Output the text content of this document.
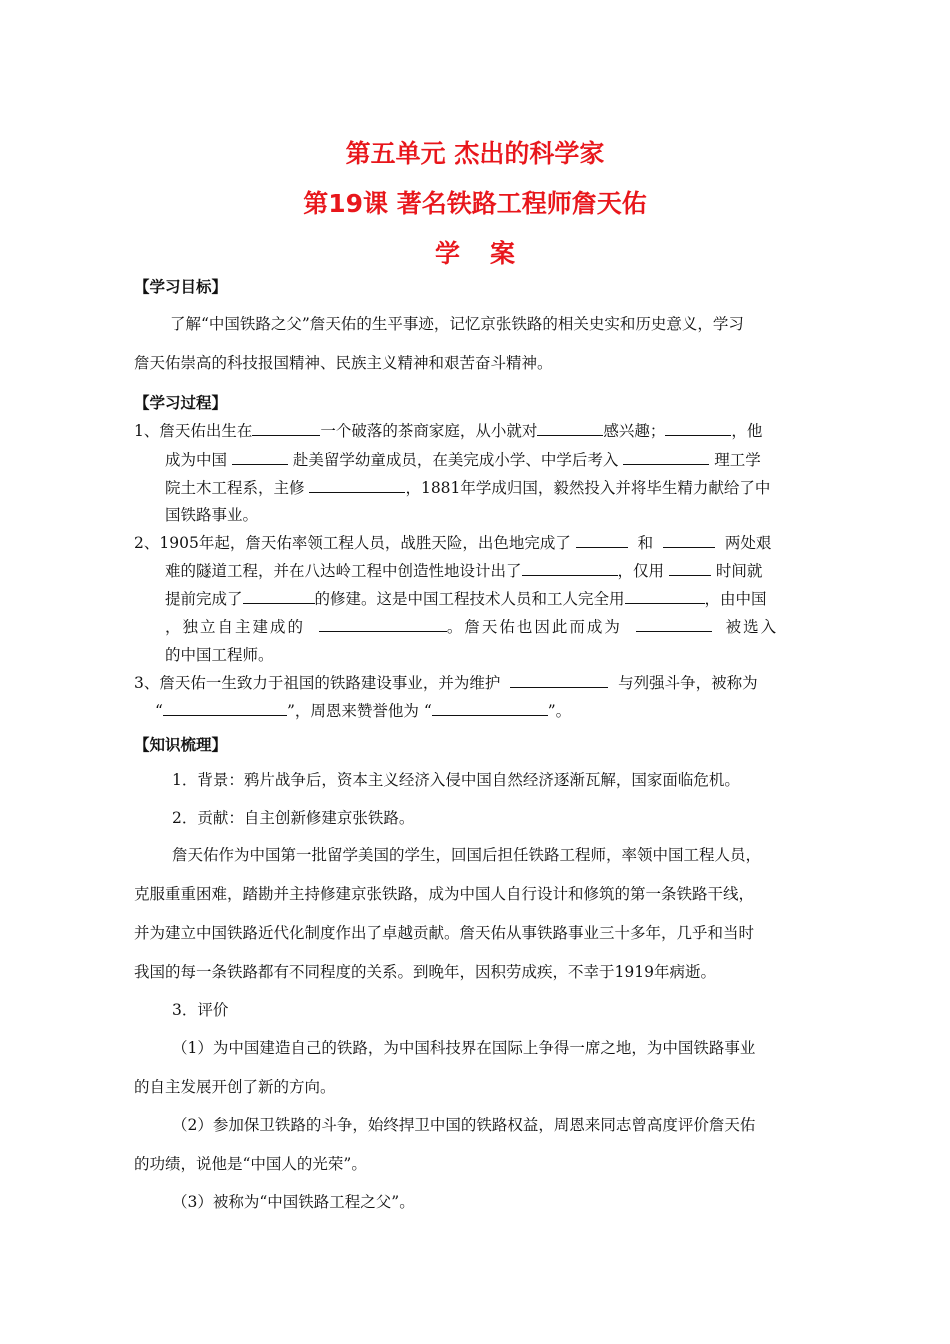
第五单元 杰出的科学家
第19课 著名铁路工程师詹天佑
学案
【学习目标】
了解“中国铁路之父”詹天佑的生平事迹，记忆京张铁路的相关史实和历史意义，学习
詹天佑崇高的科技报国精神、民族主义精神和艰苦奋斗精神。
【学习过程】
1、詹天佑出生在	一个破落的茶商家庭，从小就对	感兴趣；	，他
成为中国	赴美留学幼童成员，在美完成小学、中学后考入	理工学
院土木工程系，主修	，1881年学成归国，毅然投入并将毕生精力献给了中
国铁路事业。
2、1905年起，詹天佑率领工程人员，战胜天险，出色地完成了	和	两处艰
难的隧道工程，并在八达岭工程中创造性地设计出了	，仅用	时间就
提前完成了	的修建。这是中国工程技术人员和工人完全用	，由中国
，独立自主建成的	。詹天佑也因此而成为	被选入
的中国工程师。
3、詹天佑一生致力于祖国的铁路建设事业，并为维护	与列强斗争，被称为
“	”，周恩来赞誉他为 “	”。
【知识梳理】
1．背景：鸦片战争后，资本主义经济入侵中国自然经济逐渐瓦解，国家面临危机。
2．贡献：自主创新修建京张铁路。
詹天佑作为中国第一批留学美国的学生，回国后担任铁路工程师，率领中国工程人员，
克服重重困难，踏勘并主持修建京张铁路，成为中国人自行设计和修筑的第一条铁路干线，
并为建立中国铁路近代化制度作出了卓越贡献。詹天佑从事铁路事业三十多年，几乎和当时
我国的每一条铁路都有不同程度的关系。到晚年，因积劳成疾，不幸于1919年病逝。
3．评价
（1）为中国建造自己的铁路，为中国科技界在国际上争得一席之地，为中国铁路事业
的自主发展开创了新的方向。
（2）参加保卫铁路的斗争，始终捍卫中国的铁路权益，周恩来同志曾高度评价詹天佑
的功绩，说他是“中国人的光荣”。
（3）被称为“中国铁路工程之父”。
